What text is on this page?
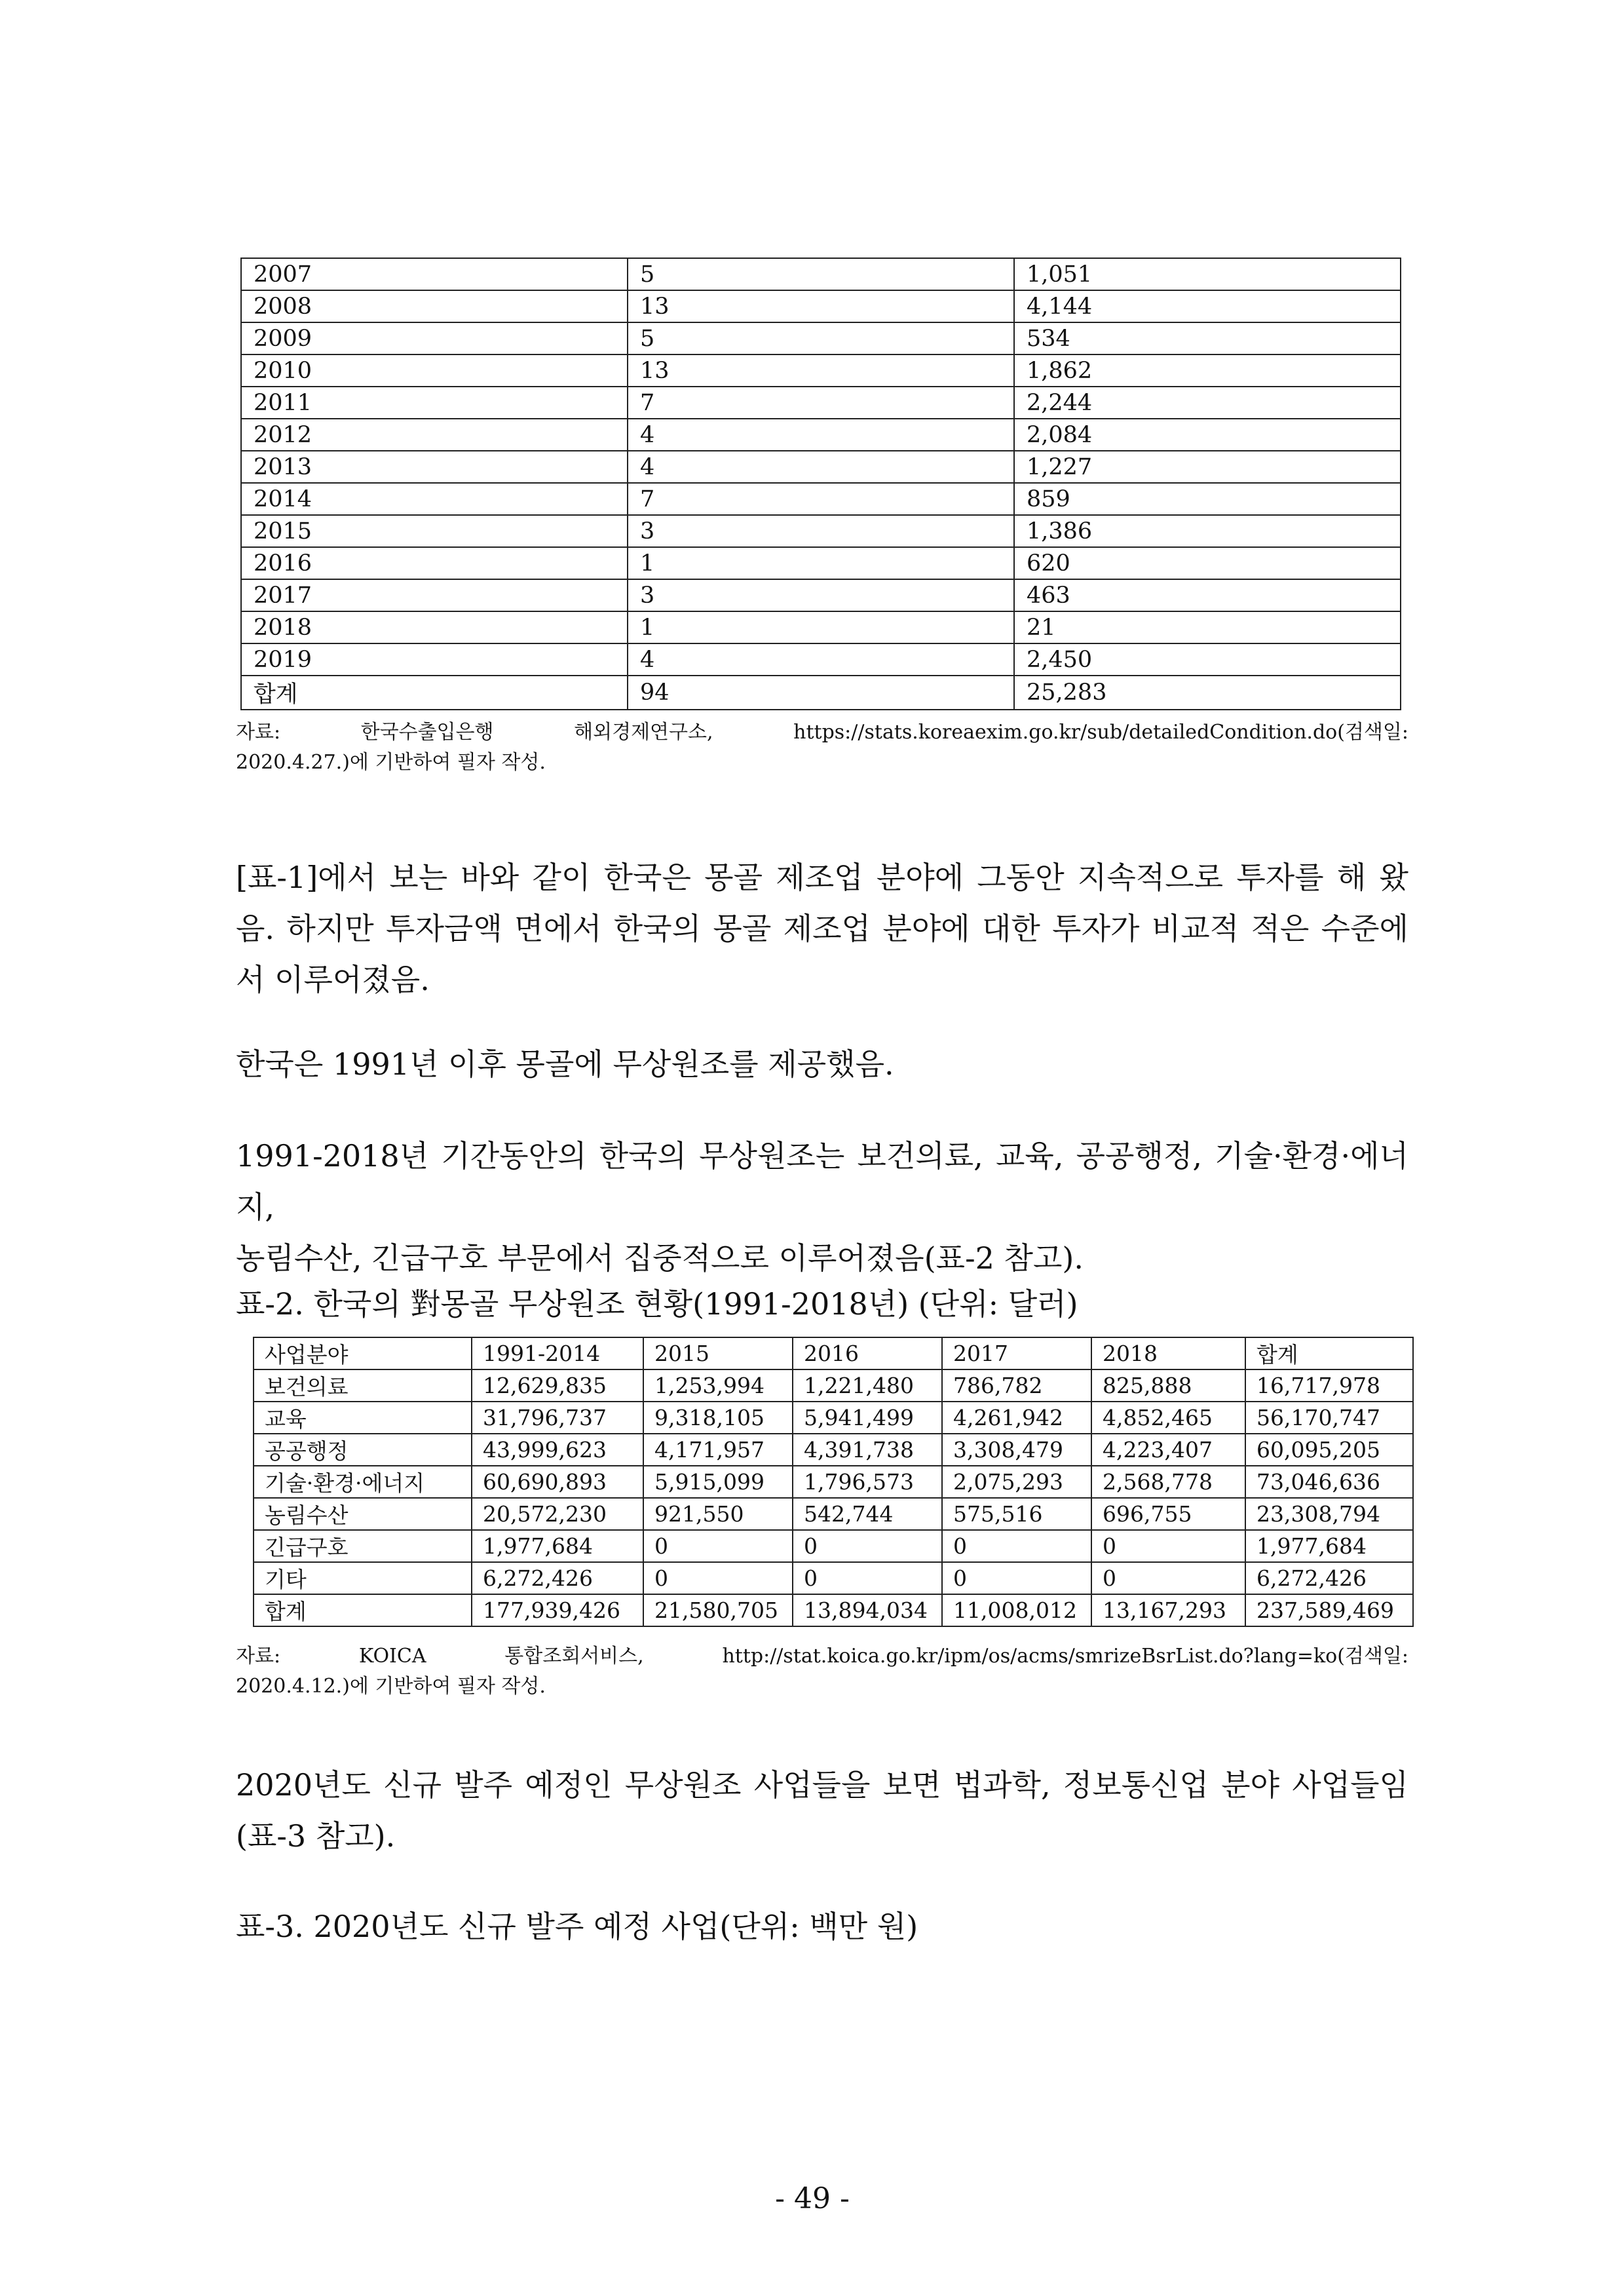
2007	5	1,051
2008	13	4,144
2009	5	534
2010	13	1,862
2011	7	2,244
2012	4	2,084
2013	4	1,227
2014	7	859
2015	3	1,386
2016	1	620
2017	3	463
2018	1	21
2019	4	2,450
합계	94	25,283
자료:	한국수출입은행	해외경제연구소,	https://stats.koreaexim.go.kr/sub/detailedCondition.do(검색일:
2020.4.27.)에 기반하여 필자 작성.
[표-1]에서 보는 바와 같이 한국은 몽골 제조업 분야에 그동안 지속적으로 투자를 해 왔
음. 하지만 투자금액 면에서 한국의 몽골 제조업 분야에 대한 투자가 비교적 적은 수준에
서 이루어졌음.
한국은 1991년 이후 몽골에 무상원조를 제공했음.
1991-2018년 기간동안의 한국의 무상원조는 보건의료, 교육, 공공행정, 기술·환경·에너지,
농림수산, 긴급구호 부문에서 집중적으로 이루어졌음(표-2 참고).
표-2. 한국의 對몽골 무상원조 현황(1991-2018년) (단위: 달러)
사업분야	1991-2014	2015	2016	2017	2018	합계
보건의료	12,629,835	1,253,994	1,221,480	786,782	825,888	16,717,978
교육	31,796,737	9,318,105	5,941,499	4,261,942	4,852,465	56,170,747
공공행정	43,999,623	4,171,957	4,391,738	3,308,479	4,223,407	60,095,205
기술·환경·에너지	60,690,893	5,915,099	1,796,573	2,075,293	2,568,778	73,046,636
농림수산	20,572,230	921,550	542,744	575,516	696,755	23,308,794
긴급구호	1,977,684	0	0	0	0	1,977,684
기타	6,272,426	0	0	0	0	6,272,426
합계	177,939,426	21,580,705	13,894,034	11,008,012	13,167,293	237,589,469
자료:	KOICA	통합조회서비스,	http://stat.koica.go.kr/ipm/os/acms/smrizeBsrList.do?lang=ko(검색일:
2020.4.12.)에 기반하여 필자 작성.
2020년도 신규 발주 예정인 무상원조 사업들을 보면 법과학, 정보통신업 분야 사업들임
(표-3 참고).
표-3. 2020년도 신규 발주 예정 사업(단위: 백만 원)
- 49 -
